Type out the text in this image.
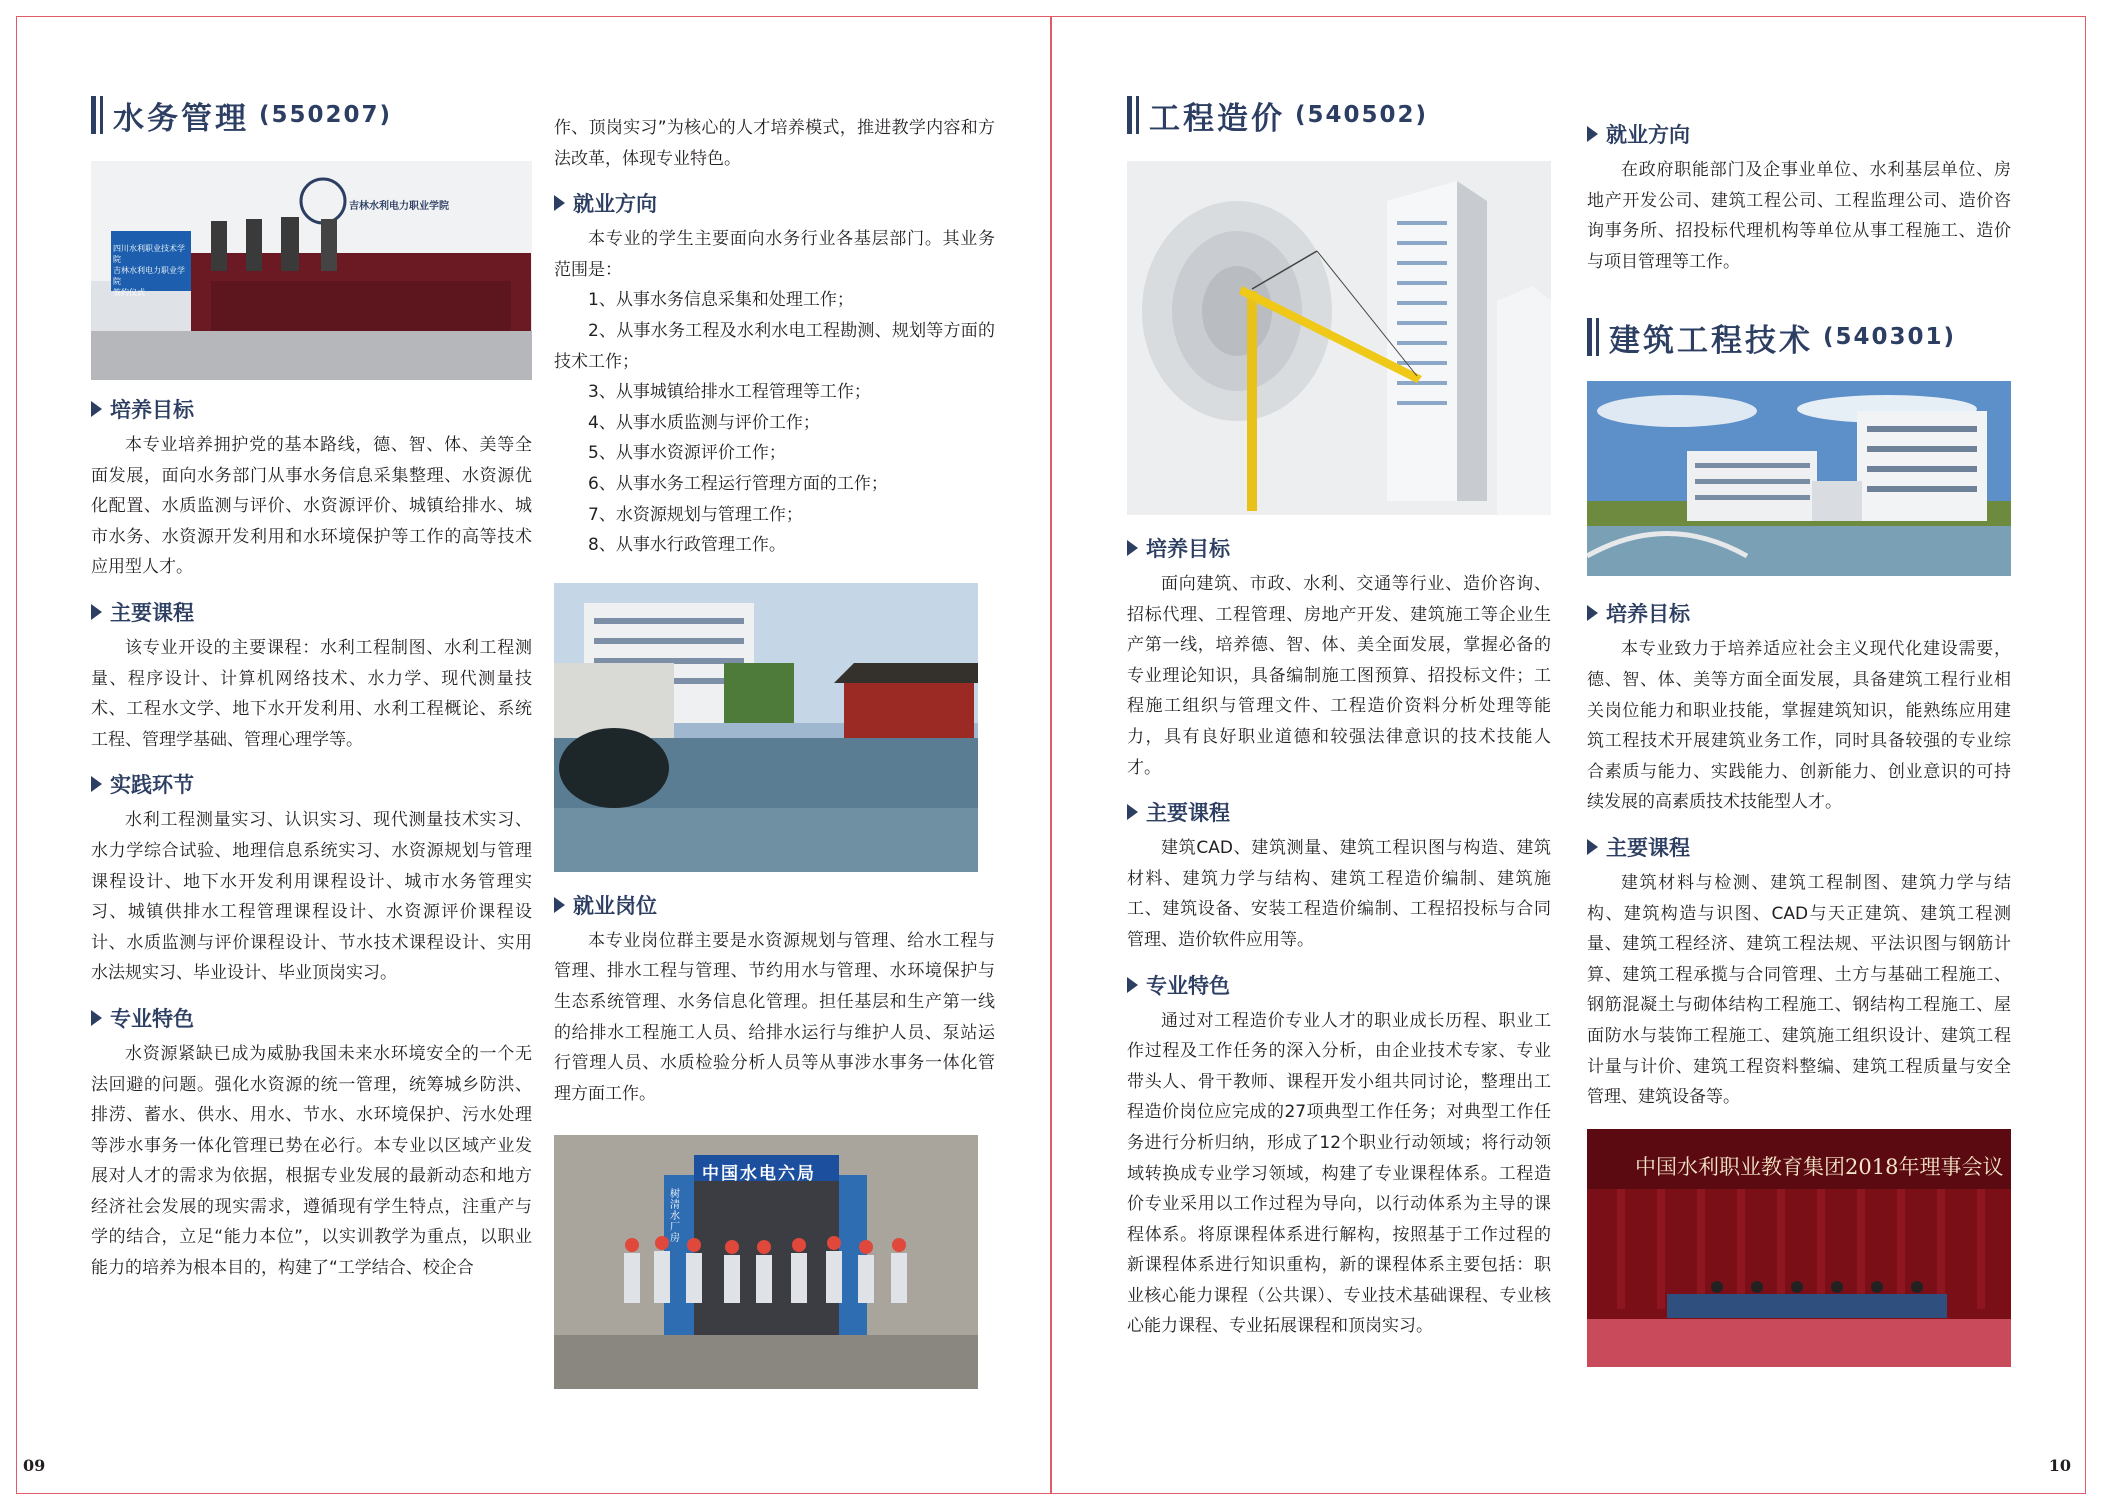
水务管理 (550207)
四川水利职业技术学院
吉林水利电力职业学院
签约仪式
吉林水利电力职业学院
培养目标

本专业培养拥护党的基本路线，德、智、体、美等全面发展，面向水务部门从事水务信息采集整理、水资源优化配置、水质监测与评价、水资源评价、城镇给排水、城市水务、水资源开发利用和水环境保护等工作的高等技术应用型人才。

主要课程

该专业开设的主要课程：水利工程制图、水利工程测量、程序设计、计算机网络技术、水力学、现代测量技术、工程水文学、地下水开发利用、水利工程概论、系统工程、管理学基础、管理心理学等。

实践环节

水利工程测量实习、认识实习、现代测量技术实习、水力学综合试验、地理信息系统实习、水资源规划与管理课程设计、地下水开发利用课程设计、城市水务管理实习、城镇供排水工程管理课程设计、水资源评价课程设计、水质监测与评价课程设计、节水技术课程设计、实用水法规实习、毕业设计、毕业顶岗实习。

专业特色

水资源紧缺已成为威胁我国未来水环境安全的一个无法回避的问题。强化水资源的统一管理，统筹城乡防洪、排涝、蓄水、供水、用水、节水、水环境保护、污水处理等涉水事务一体化管理已势在必行。本专业以区域产业发展对人才的需求为依据，根据专业发展的最新动态和地方经济社会发展的现实需求，遵循现有学生特点，注重产与学的结合，立足“能力本位”，以实训教学为重点，以职业能力的培养为根本目的，构建了“工学结合、校企合

作、顶岗实习”为核心的人才培养模式，推进教学内容和方法改革，体现专业特色。

就业方向

本专业的学生主要面向水务行业各基层部门。其业务范围是：

1、从事水务信息采集和处理工作；

2、从事水务工程及水利水电工程勘测、规划等方面的技术工作；

3、从事城镇给排水工程管理等工作；

4、从事水质监测与评价工作；

5、从事水资源评价工作；

6、从事水务工程运行管理方面的工作；

7、水资源规划与管理工作；

8、从事水行政管理工作。

就业岗位

本专业岗位群主要是水资源规划与管理、给水工程与管理、排水工程与管理、节约用水与管理、水环境保护与生态系统管理、水务信息化管理。担任基层和生产第一线的给排水工程施工人员、给排水运行与维护人员、泵站运行管理人员、水质检验分析人员等从事涉水事务一体化管理方面工作。

中国水电六局
树清水厂房
09
工程造价 (540502)
培养目标

面向建筑、市政、水利、交通等行业、造价咨询、招标代理、工程管理、房地产开发、建筑施工等企业生产第一线，培养德、智、体、美全面发展，掌握必备的专业理论知识，具备编制施工图预算、招投标文件；工程施工组织与管理文件、工程造价资料分析处理等能力，具有良好职业道德和较强法律意识的技术技能人才。

主要课程

建筑CAD、建筑测量、建筑工程识图与构造、建筑材料、建筑力学与结构、建筑工程造价编制、建筑施工、建筑设备、安装工程造价编制、工程招投标与合同管理、造价软件应用等。

专业特色

通过对工程造价专业人才的职业成长历程、职业工作过程及工作任务的深入分析，由企业技术专家、专业带头人、骨干教师、课程开发小组共同讨论，整理出工程造价岗位应完成的27项典型工作任务；对典型工作任务进行分析归纳，形成了12个职业行动领域；将行动领域转换成专业学习领域，构建了专业课程体系。工程造价专业采用以工作过程为导向，以行动体系为主导的课程体系。将原课程体系进行解构，按照基于工作过程的新课程体系进行知识重构，新的课程体系主要包括：职业核心能力课程（公共课）、专业技术基础课程、专业核心能力课程、专业拓展课程和顶岗实习。

就业方向

在政府职能部门及企事业单位、水利基层单位、房地产开发公司、建筑工程公司、工程监理公司、造价咨询事务所、招投标代理机构等单位从事工程施工、造价与项目管理等工作。

建筑工程技术 (540301)
培养目标

本专业致力于培养适应社会主义现代化建设需要，德、智、体、美等方面全面发展，具备建筑工程行业相关岗位能力和职业技能，掌握建筑知识，能熟练应用建筑工程技术开展建筑业务工作，同时具备较强的专业综合素质与能力、实践能力、创新能力、创业意识的可持续发展的高素质技术技能型人才。

主要课程

建筑材料与检测、建筑工程制图、建筑力学与结构、建筑构造与识图、CAD与天正建筑、建筑工程测量、建筑工程经济、建筑工程法规、平法识图与钢筋计算、建筑工程承揽与合同管理、土方与基础工程施工、钢筋混凝土与砌体结构工程施工、钢结构工程施工、屋面防水与装饰工程施工、建筑施工组织设计、建筑工程计量与计价、建筑工程资料整编、建筑工程质量与安全管理、建筑设备等。

中国水利职业教育集团2018年理事会议
10
